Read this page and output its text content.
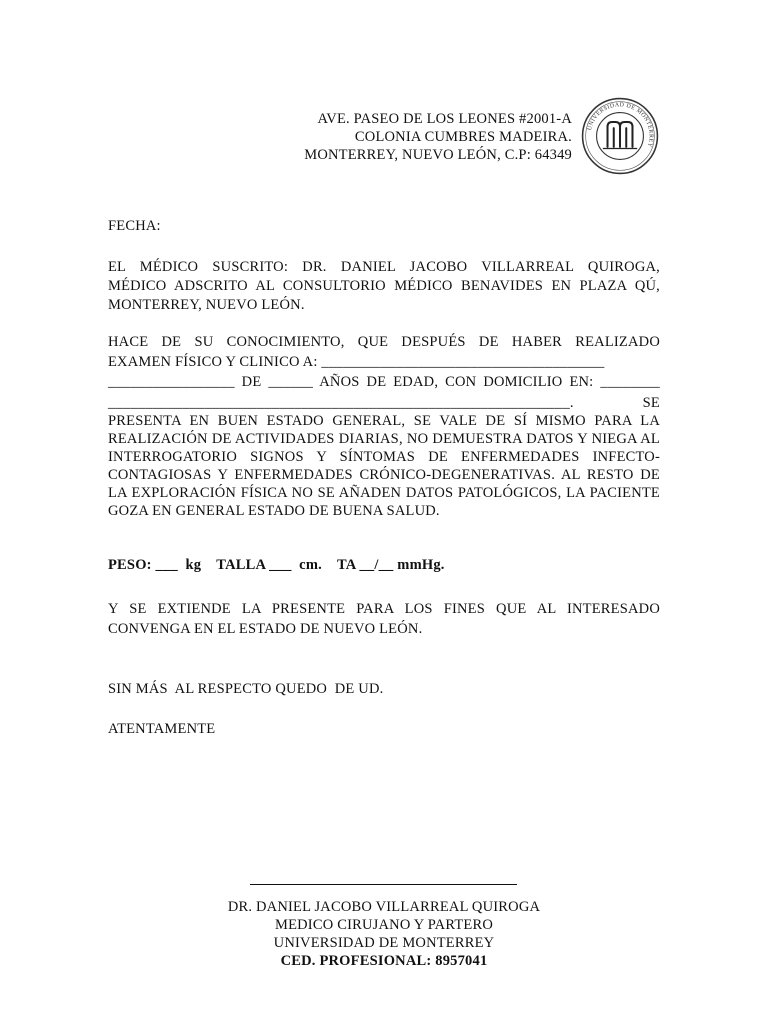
AVE. PASEO DE LOS LEONES #2001-A
COLONIA CUMBRES MADEIRA.
MONTERREY, NUEVO LEÓN, C.P: 64349
UNIVERSIDAD DE MONTERREY
FECHA:
EL MÉDICO SUSCRITO: DR. DANIEL JACOBO VILLARREAL QUIROGA,
MÉDICO ADSCRITO AL CONSULTORIO MÉDICO BENAVIDES EN PLAZA QÚ,
MONTERREY, NUEVO LEÓN.
HACE DE SU CONOCIMIENTO, QUE DESPUÉS DE HABER REALIZADO
EXAMEN FÍSICO Y CLINICO A: ______________________________________
_________________ DE ______ AÑOS DE EDAD, CON DOMICILIO EN: ________
______________________________________________________________.	SE
PRESENTA EN BUEN ESTADO GENERAL, SE VALE DE SÍ MISMO PARA LA REALIZACIÓN DE ACTIVIDADES DIARIAS, NO DEMUESTRA DATOS Y NIEGA AL INTERROGATORIO SIGNOS Y SÍNTOMAS DE ENFERMEDADES INFECTO-CONTAGIOSAS Y ENFERMEDADES CRÓNICO-DEGENERATIVAS. AL RESTO DE LA EXPLORACIÓN FÍSICA NO SE AÑADEN DATOS PATOLÓGICOS, LA PACIENTE GOZA EN GENERAL ESTADO DE BUENA SALUD.
PESO: ___  kg    TALLA ___  cm.    TA __/__ mmHg.
Y SE EXTIENDE LA PRESENTE PARA LOS FINES QUE AL INTERESADO
CONVENGA EN EL ESTADO DE NUEVO LEÓN.
SIN MÁS  AL RESPECTO QUEDO  DE UD.
ATENTAMENTE
DR. DANIEL JACOBO VILLARREAL QUIROGA
MEDICO CIRUJANO Y PARTERO
UNIVERSIDAD DE MONTERREY
CED. PROFESIONAL: 8957041
